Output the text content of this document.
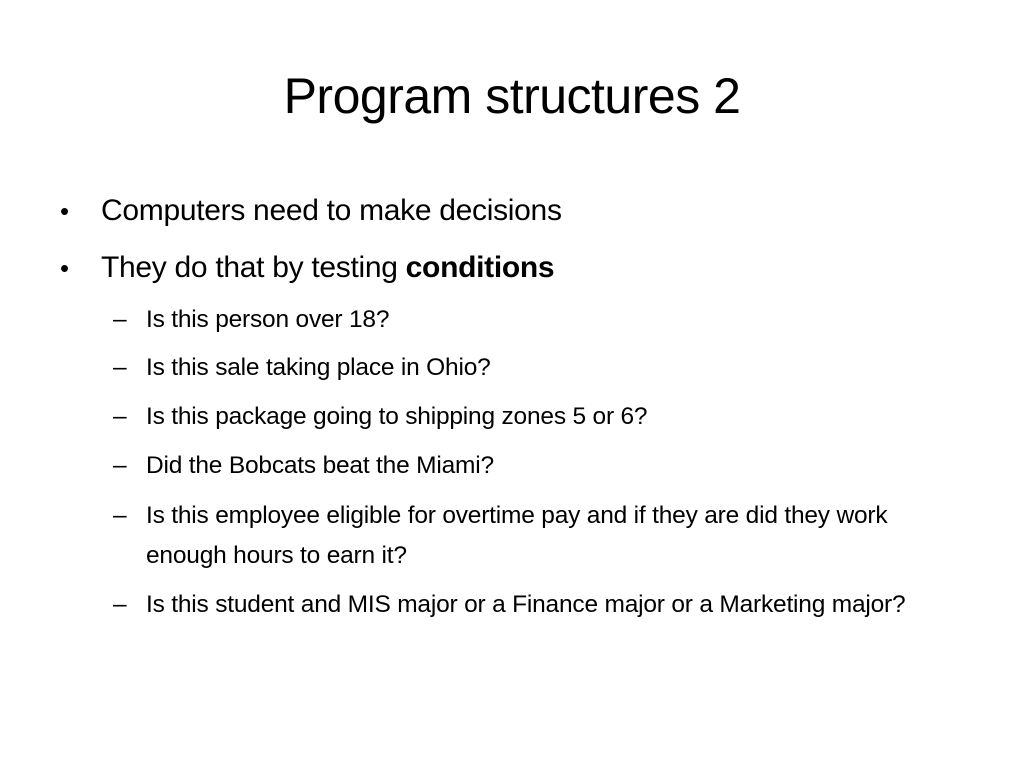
Program structures 2
•	Computers need to make decisions
•	They do that by testing conditions
– Is this person over 18?
– Is this sale taking place in Ohio?
– Is this package going to shipping zones 5 or 6?
– Did the Bobcats beat the Miami?
– Is this employee eligible for overtime pay and if they are did they work enough hours to earn it?
– Is this student and MIS major or a Finance major or a Marketing major?
